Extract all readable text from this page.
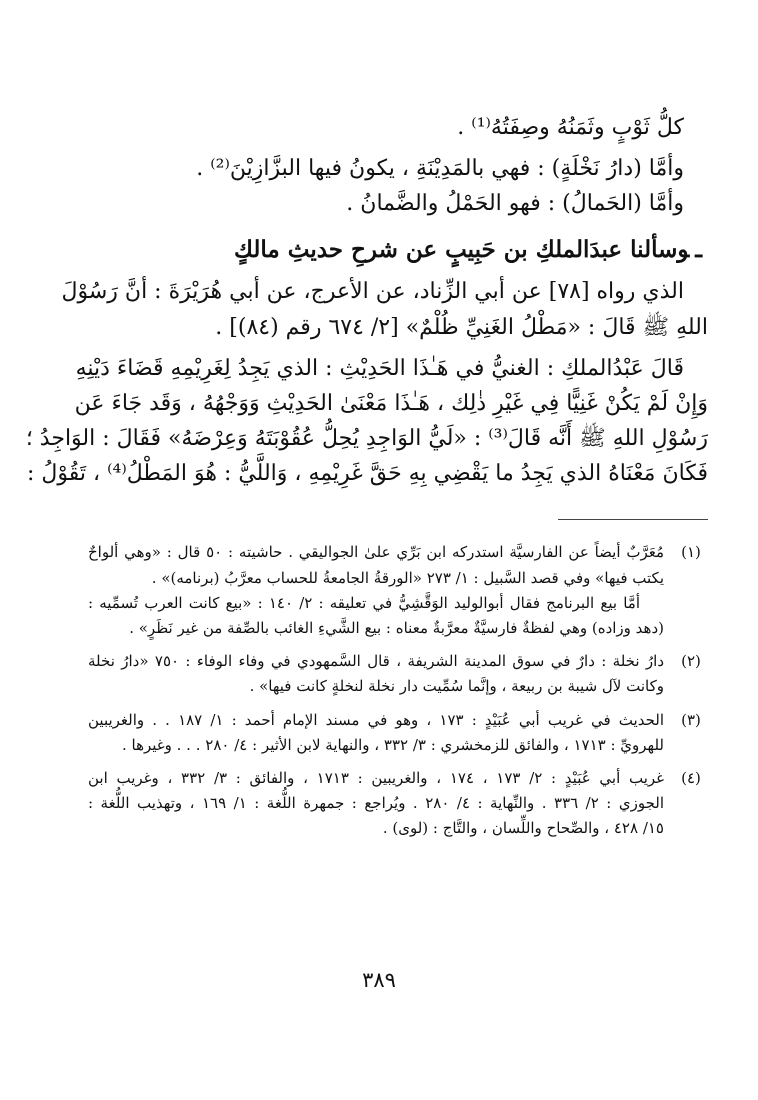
كلُّ ثَوْبٍ وثَمَنُهُ وصِفَتُهُ⁽¹⁾ .
وأمَّا (دارُ نَخْلَةٍ) : فهي بالمَدِيْنَةِ ، يكونُ فيها البزَّازِيْنَ⁽²⁾ .
وأمَّا (الحَمالُ) : فهو الحَمْلُ والضَّمانُ .
ـوسألنا عبدَالملكِ بن حَبِيبٍ عن شرحِ حديثِ مالكٍ
الذي رواه [٧٨] عن أبي الزِّناد، عن الأعرج، عن أبي هُرَيْرَةَ : أنَّ رَسُوْلَ
اللهِ ﷺ قَالَ : «مَطْلُ الغَنِيِّ ظُلْمٌ» [٢/ ٦٧٤ رقم (٨٤)] .
قَالَ عَبْدُالملكِ : الغنيُّ في هَـٰذَا الحَدِيْثِ : الذي يَجِدُ لِغَرِيْمِهِ قَضَاءَ دَيْنِهِ
وَإِنْ لَمْ يَكُنْ غَنِيًّا فِي غَيْرِ ذٰلِك ، هَـٰذَا مَعْنَىٰ الحَدِيْثِ وَوَجْهُهُ ، وَقَد جَاءَ عَن
رَسُوْلِ اللهِ ﷺ أَنَّه قَالَ⁽³⁾ : «لَيُّ الوَاجِدِ يُحِلُّ عُقُوْبَتَهُ وَعِرْضَهُ» فَقَالَ : الوَاجِدُ ؛
فَكَانَ مَعْنَاهُ الذي يَجِدُ ما يَقْضِي بِهِ حَقَّ غَرِيْمِهِ ، وَاللَّيُّ : هُوَ المَطْلُ⁽⁴⁾ ، تَقُوْلُ :
(١)
مُعَرَّبٌ أيضاً عن الفارسيَّة استدركه ابن بَرِّي علىٰ الجواليقي . حاشيته : ٥٠ قال : «وهي ألواحٌ
يكتب فيها» وفي قصد السَّبيل : ١/ ٢٧٣ «الورقةُ الجامعةُ للحساب معرَّبُ (برنامه)» .
أمَّا بيع البرنامج فقال أبوالوليد الوَقَّشِيُّ في تعليقه : ٢/ ١٤٠ : «بيع كانت العرب تُسمِّيه :
(دهد وزاده) وهي لفظةٌ فارسيَّةٌ معرَّبةٌ معناه : بيع الشَّيءِ الغائب بالصِّفة من غير نَظَرٍ» .
(٢)
دارُ نخلة : دارٌ في سوق المدينة الشريفة ، قال السَّمهودي في وفاء الوفاء : ٧٥٠ «دارُ نخلة
وكانت لآل شيبة بن ربيعة ، وإنَّما سُمِّيت دار نخلة لنخلةٍ كانت فيها» .
(٣)
الحديث في غريب أبي عُبَيْدٍ : ١٧٣ ، وهو في مسند الإمام أحمد : ١/ ١٨٧ . . والغريبين
للهرويِّ : ١٧١٣ ، والفائق للزمخشري : ٣/ ٣٣٢ ، والنهاية لابن الأثير : ٤/ ٢٨٠ . . . وغيرها .
(٤)
غريب أبي عُبَيْدٍ : ٢/ ١٧٣ ، ١٧٤ ، والغريبين : ١٧١٣ ، والفائق : ٣/ ٣٣٢ ، وغريب ابن
الجوزي : ٢/ ٣٣٦ . والنِّهاية : ٤/ ٢٨٠ . ويُراجع : جمهرة اللُّغة : ١/ ١٦٩ ، وتهذيب اللُّغة :
١٥/ ٤٢٨ ، والصِّحاح واللِّسان ، والتَّاج : (لوى) .
٣٨٩
